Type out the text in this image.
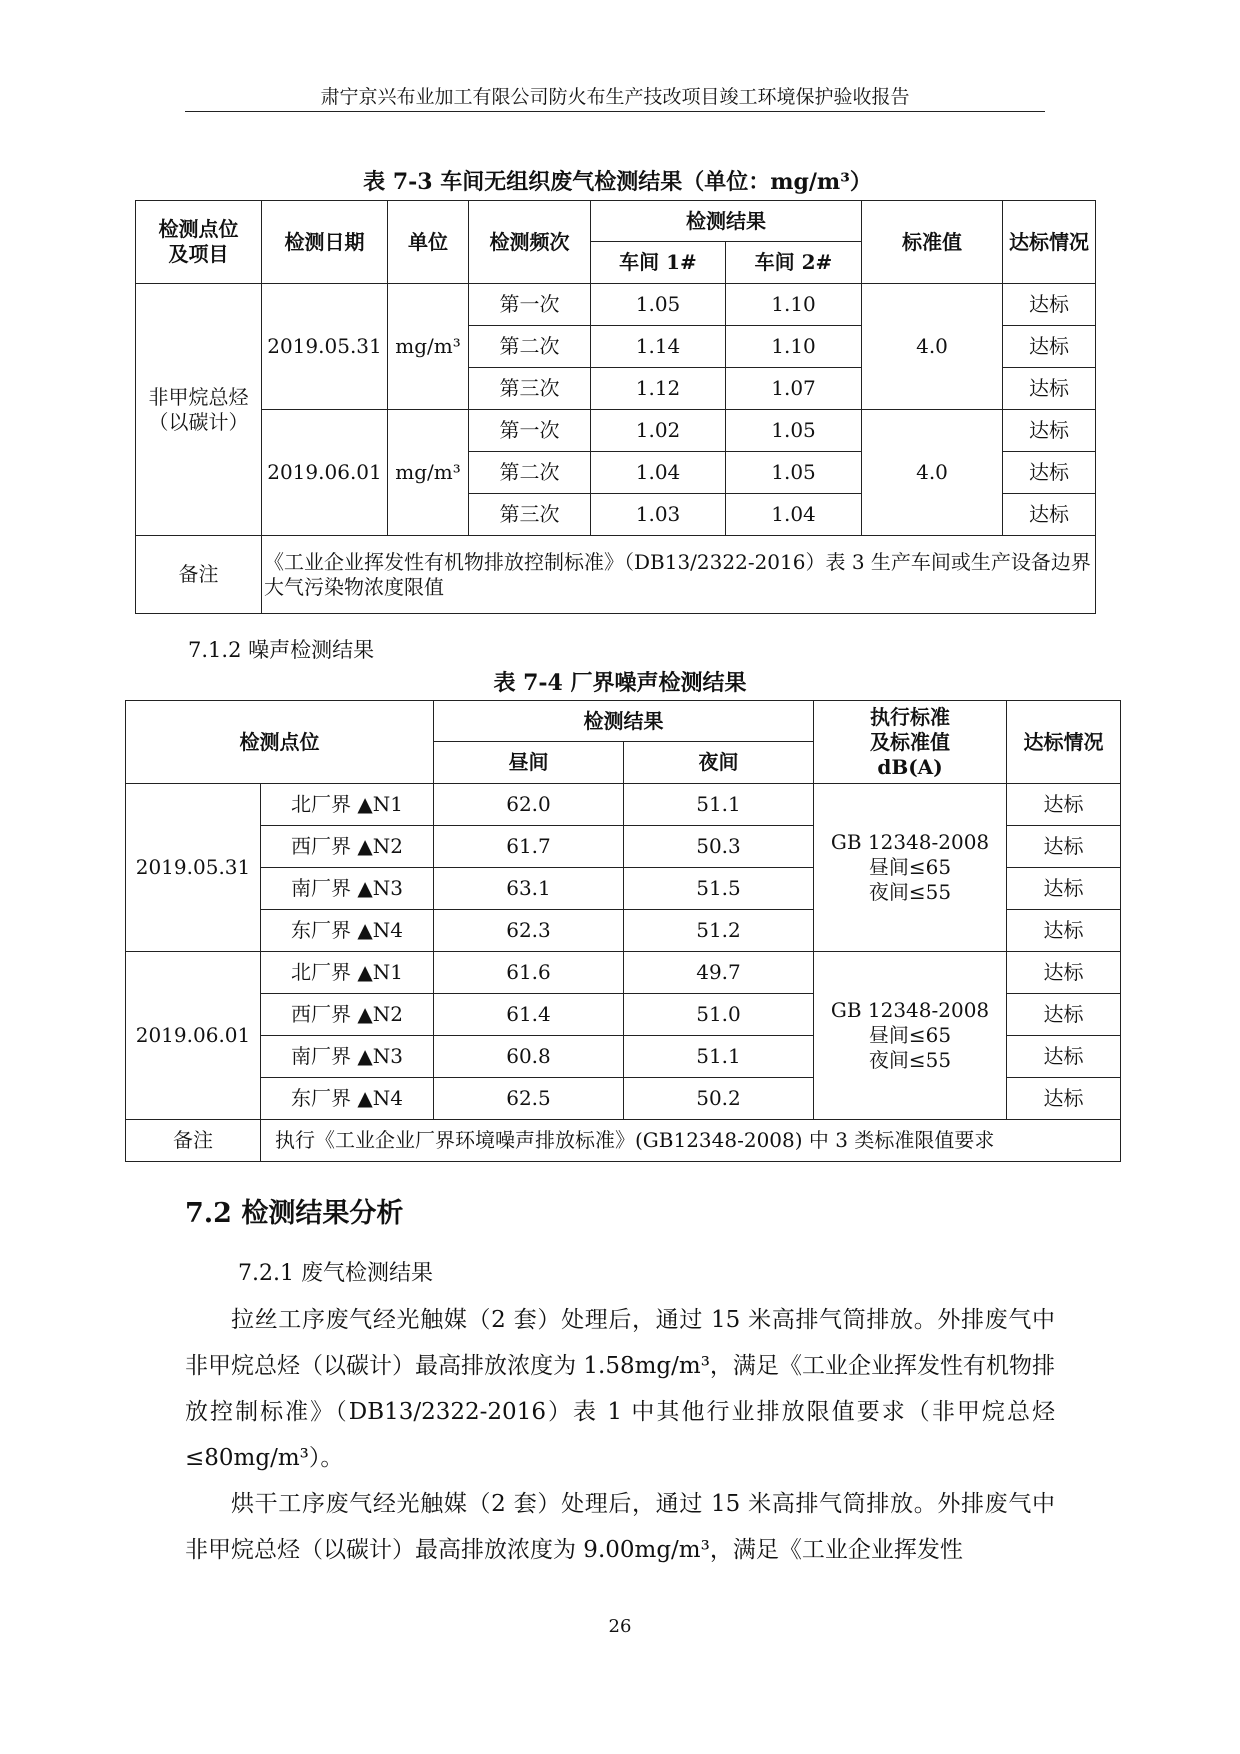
肃宁京兴布业加工有限公司防火布生产技改项目竣工环境保护验收报告
表 7-3 车间无组织废气检测结果（单位：mg/m³）
检测点位
及项目	检测日期	单位	检测频次	检测结果		标准值	达标情况
				车间 1#	车间 2#		
非甲烷总烃
（以碳计）	2019.05.31	mg/m³	第一次	1.05	1.10	4.0	达标
			第二次	1.14	1.10		达标
			第三次	1.12	1.07		达标
	2019.06.01	mg/m³	第一次	1.02	1.05	4.0	达标
			第二次	1.04	1.05		达标
			第三次	1.03	1.04		达标
备注	《工业企业挥发性有机物排放控制标准》（DB13/2322-2016）表 3 生产车间或生产设备边界大气污染物浓度限值						
7.1.2 噪声检测结果
表 7-4 厂界噪声检测结果
检测点位		检测结果		执行标准
及标准值
dB(A)	达标情况
		昼间	夜间		
2019.05.31	北厂界 ▲N1	62.0	51.1	GB 12348-2008
昼间≤65
夜间≤55	达标
	西厂界 ▲N2	61.7	50.3		达标
	南厂界 ▲N3	63.1	51.5		达标
	东厂界 ▲N4	62.3	51.2		达标
2019.06.01	北厂界 ▲N1	61.6	49.7	GB 12348-2008
昼间≤65
夜间≤55	达标
	西厂界 ▲N2	61.4	51.0		达标
	南厂界 ▲N3	60.8	51.1		达标
	东厂界 ▲N4	62.5	50.2		达标
备注	执行《工业企业厂界环境噪声排放标准》(GB12348-2008) 中 3 类标准限值要求				
7.2 检测结果分析
7.2.1 废气检测结果
拉丝工序废气经光触媒（2 套）处理后，通过 15 米高排气筒排放。外排废气中非甲烷总烃（以碳计）最高排放浓度为 1.58mg/m³，满足《工业企业挥发性有机物排放控制标准》（DB13/2322-2016）表 1 中其他行业排放限值要求（非甲烷总烃≤80mg/m³）。
烘干工序废气经光触媒（2 套）处理后，通过 15 米高排气筒排放。外排废气中非甲烷总烃（以碳计）最高排放浓度为 9.00mg/m³，满足《工业企业挥发性
26
